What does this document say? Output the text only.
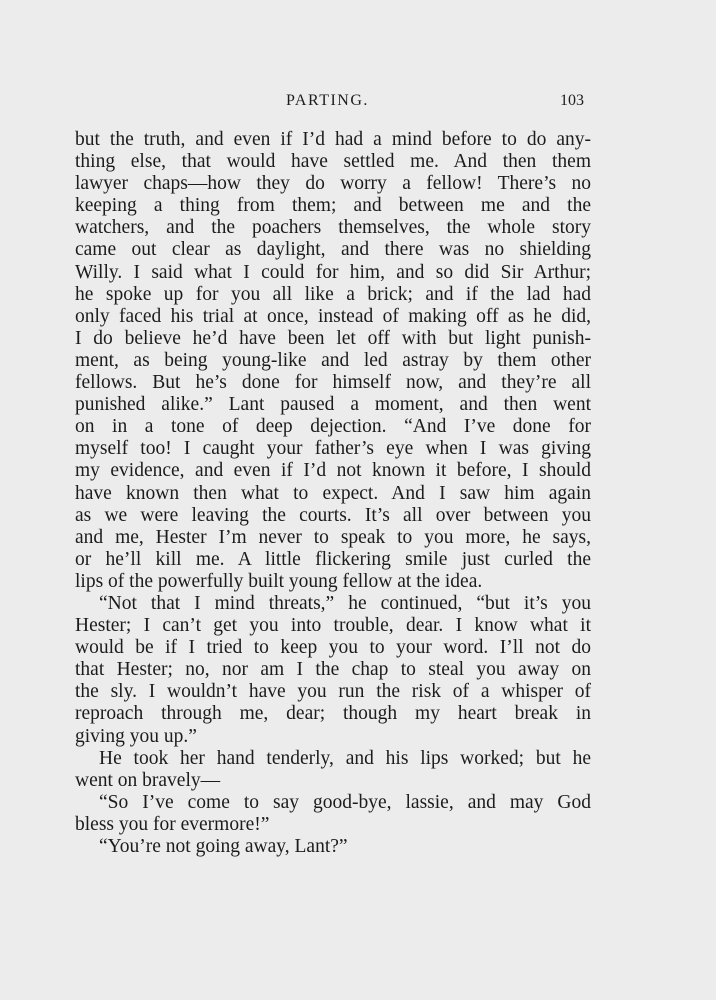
PARTING.	103
but the truth, and even if I’d had a mind before to do any-
thing else, that would have settled me. And then them
lawyer chaps—how they do worry a fellow! There’s no
keeping a thing from them; and between me and the
watchers, and the poachers themselves, the whole story
came out clear as daylight, and there was no shielding
Willy. I said what I could for him, and so did Sir Arthur;
he spoke up for you all like a brick; and if the lad had
only faced his trial at once, instead of making off as he did,
I do believe he’d have been let off with but light punish-
ment, as being young-like and led astray by them other
fellows. But he’s done for himself now, and they’re all
punished alike.” Lant paused a moment, and then went
on in a tone of deep dejection. “And I’ve done for
myself too! I caught your father’s eye when I was giving
my evidence, and even if I’d not known it before, I should
have known then what to expect. And I saw him again
as we were leaving the courts. It’s all over between you
and me, Hester I’m never to speak to you more, he says,
or he’ll kill me. A little flickering smile just curled the
lips of the powerfully built young fellow at the idea.
“Not that I mind threats,” he continued, “but it’s you
Hester; I can’t get you into trouble, dear. I know what it
would be if I tried to keep you to your word. I’ll not do
that Hester; no, nor am I the chap to steal you away on
the sly. I wouldn’t have you run the risk of a whisper of
reproach through me, dear; though my heart break in
giving you up.”
He took her hand tenderly, and his lips worked; but he
went on bravely—
“So I’ve come to say good-bye, lassie, and may God
bless you for evermore!”
“You’re not going away, Lant?”
